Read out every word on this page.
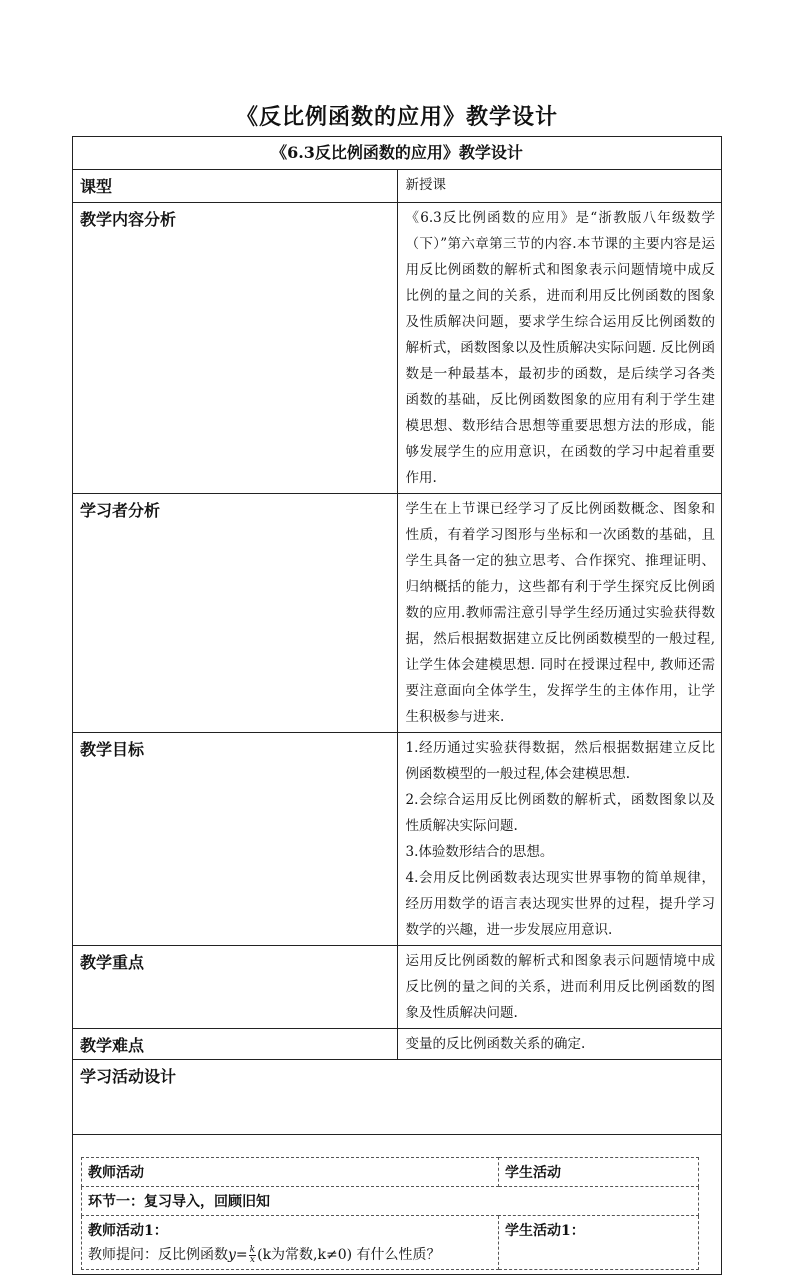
《反比例函数的应用》教学设计
《6.3反比例函数的应用》教学设计
课型	新授课
教学内容分析	《6.3反比例函数的应用》是“浙教版八年级数学（下）”第六章第三节的内容.本节课的主要内容是运用反比例函数的解析式和图象表示问题情境中成反比例的量之间的关系，进而利用反比例函数的图象及性质解决问题，要求学生综合运用反比例函数的解析式，函数图象以及性质解决实际问题. 反比例函数是一种最基本，最初步的函数，是后续学习各类函数的基础，反比例函数图象的应用有利于学生建模思想、数形结合思想等重要思想方法的形成，能够发展学生的应用意识，在函数的学习中起着重要作用.
学习者分析	学生在上节课已经学习了反比例函数概念、图象和性质，有着学习图形与坐标和一次函数的基础，且学生具备一定的独立思考、合作探究、推理证明、归纳概括的能力，这些都有利于学生探究反比例函数的应用.教师需注意引导学生经历通过实验获得数据，然后根据数据建立反比例函数模型的一般过程, 让学生体会建模思想. 同时在授课过程中, 教师还需要注意面向全体学生，发挥学生的主体作用，让学生积极参与进来.
教学目标	1.经历通过实验获得数据，然后根据数据建立反比例函数模型的一般过程,体会建模思想.

2.会综合运用反比例函数的解析式，函数图象以及性质解决实际问题.

3.体验数形结合的思想。

4.会用反比例函数表达现实世界事物的简单规律，经历用数学的语言表达现实世界的过程，提升学习数学的兴趣，进一步发展应用意识.

教学重点	运用反比例函数的解析式和图象表示问题情境中成反比例的量之间的关系，进而利用反比例函数的图象及性质解决问题.
教学难点	变量的反比例函数关系的确定.
学习活动设计

教师活动	学生活动
环节一：复习导入，回顾旧知

教师活动1：
教师提问：反比例函数$y= \frac{k}{x} (k$为常数,k≠0) 有什么性质？
	学生活动1：
